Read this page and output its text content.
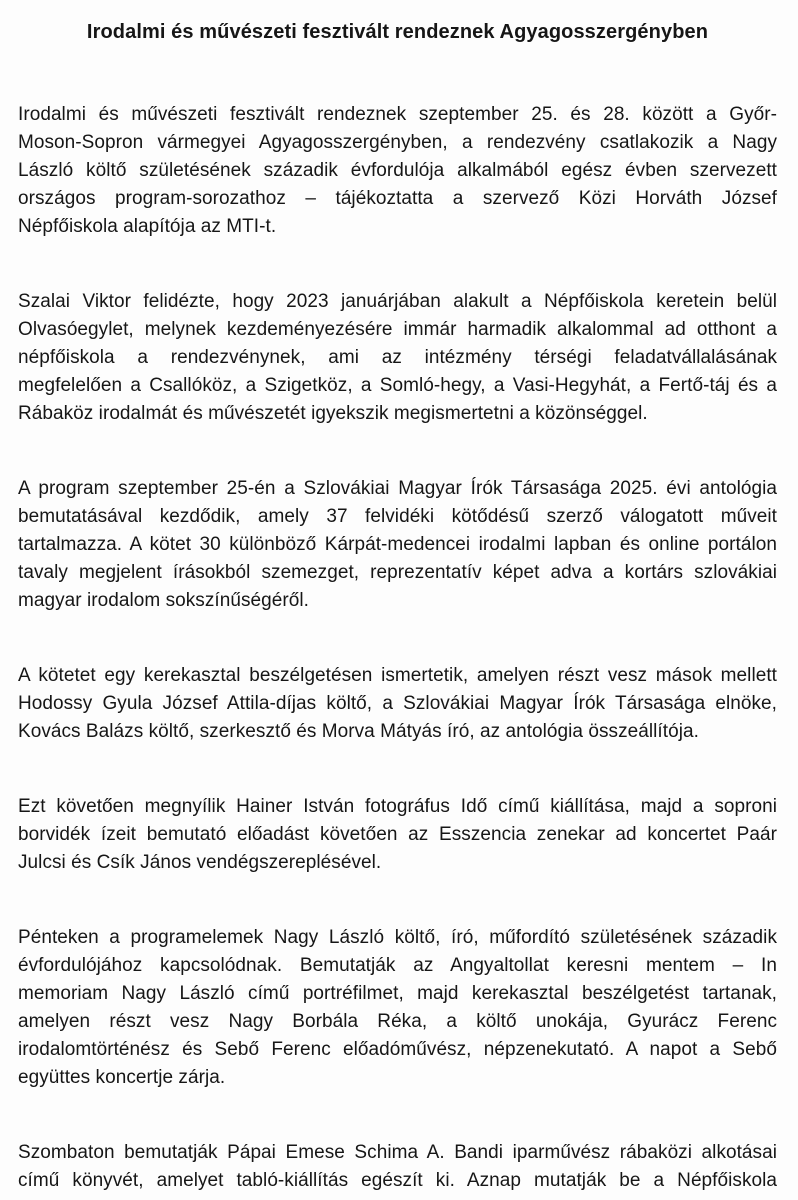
Irodalmi és művészeti fesztivált rendeznek Agyagosszergényben
Irodalmi és művészeti fesztivált rendeznek szeptember 25. és 28. között a Győr-
Moson-Sopron vármegyei Agyagosszergényben, a rendezvény csatlakozik a Nagy
László költő születésének századik évfordulója alkalmából egész évben szervezett
országos program-sorozathoz – tájékoztatta a szervező Közi Horváth József
Népfőiskola alapítója az MTI-t.
Szalai Viktor felidézte, hogy 2023 januárjában alakult a Népfőiskola keretein belül
Olvasóegylet, melynek kezdeményezésére immár harmadik alkalommal ad otthont a
népfőiskola a rendezvénynek, ami az intézmény térségi feladatvállalásának
megfelelően a Csallóköz, a Szigetköz, a Somló-hegy, a Vasi-Hegyhát, a Fertő-táj és a
Rábaköz irodalmát és művészetét igyekszik megismertetni a közönséggel.
A program szeptember 25-én a Szlovákiai Magyar Írók Társasága 2025. évi antológia
bemutatásával kezdődik, amely 37 felvidéki kötődésű szerző válogatott műveit
tartalmazza. A kötet 30 különböző Kárpát-medencei irodalmi lapban és online portálon
tavaly megjelent írásokból szemezget, reprezentatív képet adva a kortárs szlovákiai
magyar irodalom sokszínűségéről.
A kötetet egy kerekasztal beszélgetésen ismertetik, amelyen részt vesz mások mellett
Hodossy Gyula József Attila-díjas költő, a Szlovákiai Magyar Írók Társasága elnöke,
Kovács Balázs költő, szerkesztő és Morva Mátyás író, az antológia összeállítója.
Ezt követően megnyílik Hainer István fotográfus Idő című kiállítása, majd a soproni
borvidék ízeit bemutató előadást követően az Esszencia zenekar ad koncertet Paár
Julcsi és Csík János vendégszereplésével.
Pénteken a programelemek Nagy László költő, író, műfordító születésének századik
évfordulójához kapcsolódnak. Bemutatják az Angyaltollat keresni mentem – In
memoriam Nagy László című portréfilmet, majd kerekasztal beszélgetést tartanak,
amelyen részt vesz Nagy Borbála Réka, a költő unokája, Gyurácz Ferenc
irodalomtörténész és Sebő Ferenc előadóművész, népzenekutató. A napot a Sebő
együttes koncertje zárja.
Szombaton bemutatják Pápai Emese Schima A. Bandi iparművész rábaközi alkotásai
című könyvét, amelyet tabló-kiállítás egészít ki. Aznap mutatják be a Népfőiskola
